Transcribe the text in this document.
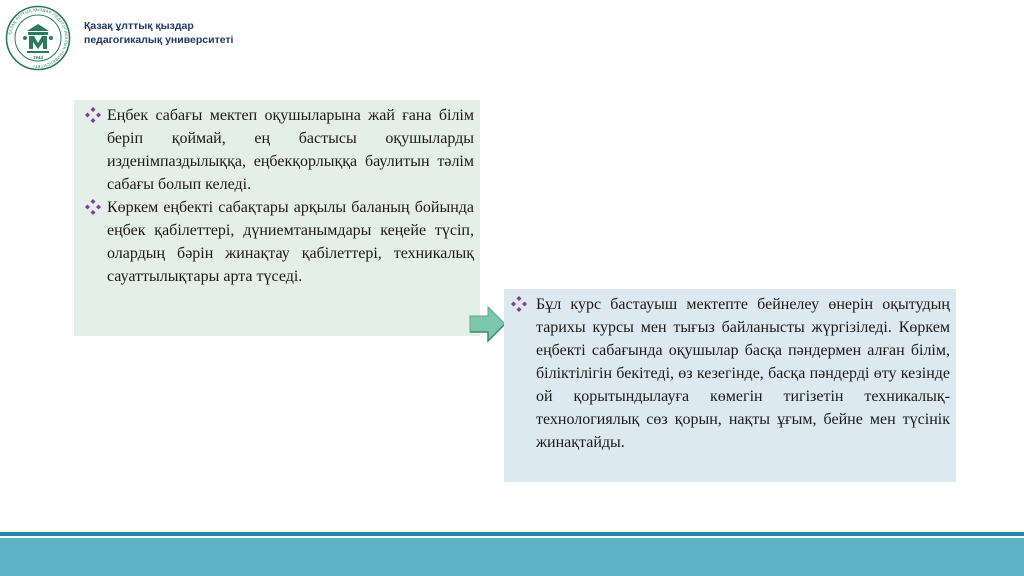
ҚАЗАҚ ҰЛТТЫҚ ҚЫЗДАР ПЕДАГОГИКАЛЫҚ УНИВЕРСИТЕТІ
1944
Қазақ ұлттық қыздар
педагогикалық университеті
Еңбек сабағы мектеп оқушыларына жай ғана білім беріп қоймай, ең бастысы оқушыларды изденімпаздылыққа, еңбекқорлыққа баулитын тәлім сабағы болып келеді.
Көркем еңбекті сабақтары арқылы баланың бойында еңбек қабілеттері, дүниемтанымдары кеңейе түсіп, олардың бәрін жинақтау қабілеттері, техникалық сауаттылықтары арта түседі.
Бұл курс бастауыш мектепте бейнелеу өнерін оқытудың тарихы курсы мен тығыз байланысты жүргізіледі. Көркем еңбекті сабағында оқушылар басқа пәндермен алған білім, біліктілігін бекітеді, өз кезегінде, басқа пәндерді өту кезінде ой қорытындылауға көмегін тигізетін техникалық-технологиялық сөз қорын, нақты ұғым, бейне мен түсінік жинақтайды.
